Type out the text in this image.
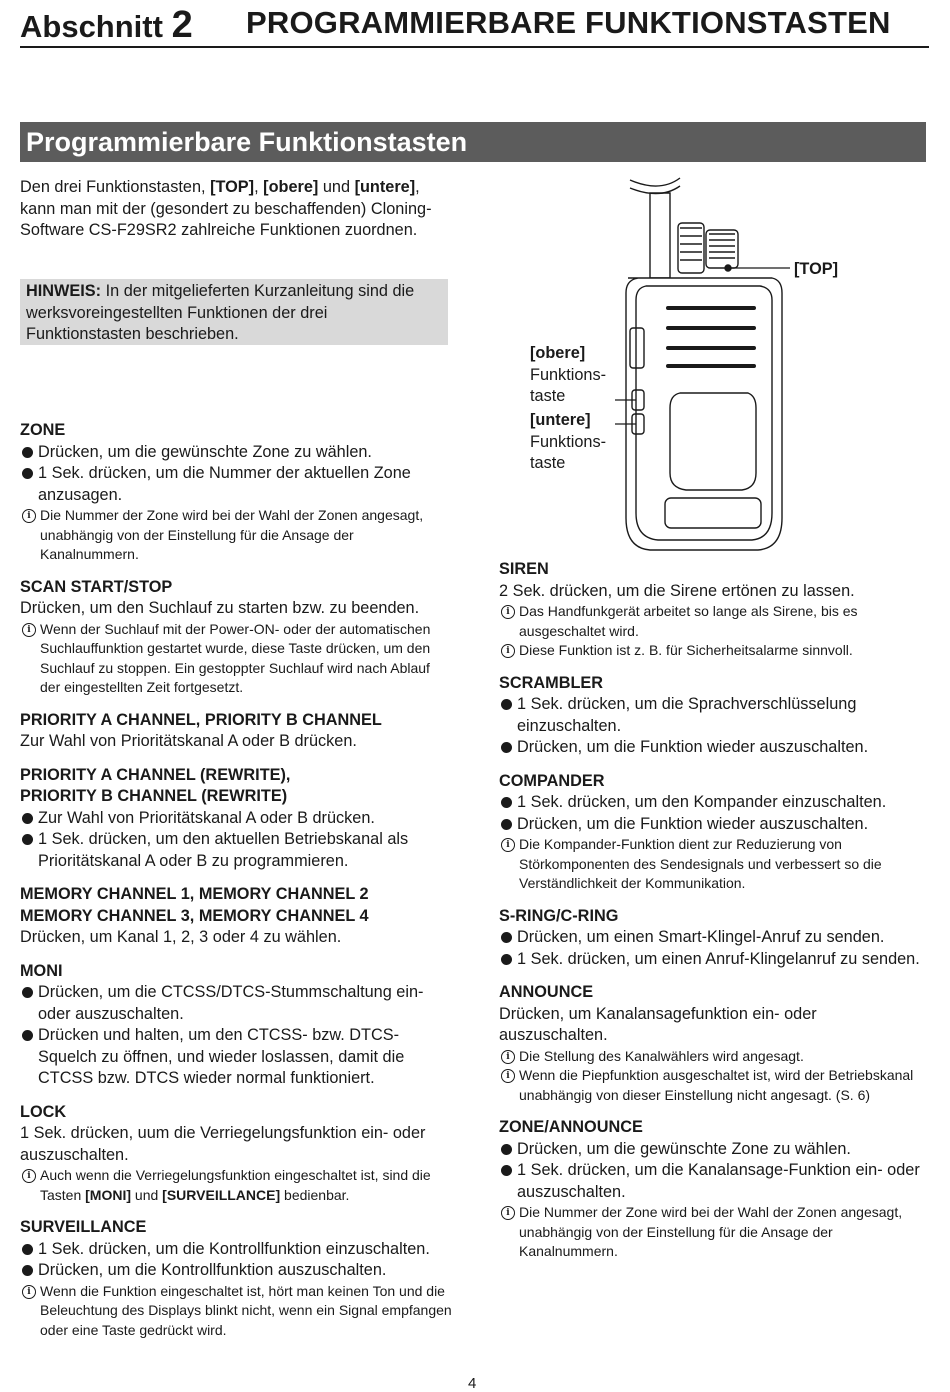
Abschnitt 2 PROGRAMMIERBARE FUNKTIONSTASTEN
Programmierbare Funktionstasten
Den drei Funktionstasten, [TOP], [obere] und [untere], kann man mit der (gesondert zu beschaffenden) Cloning-Software CS-F29SR2 zahlreiche Funktionen zuordnen.
HINWEIS: In der mitgelieferten Kurzanleitung sind die werksvoreingestellten Funktionen der drei Funktionstasten beschrieben.
[TOP]
[obere]
Funktions-
taste
[untere]
Funktions-
taste

ZONE

Drücken, um die gewünschte Zone zu wählen.

1 Sek. drücken, um die Nummer der aktuellen Zone anzusagen.

i Die Nummer der Zone wird bei der Wahl der Zonen angesagt, unabhängig von der Einstellung für die Ansage der Kanalnummern.

SCAN START/STOP

Drücken, um den Suchlauf zu starten bzw. zu beenden.

i Wenn der Suchlauf mit der Power-ON- oder der automatischen Suchlauffunktion gestartet wurde, diese Taste drücken, um den Suchlauf zu stoppen. Ein gestoppter Suchlauf wird nach Ablauf der eingestellten Zeit fortgesetzt.

PRIORITY A CHANNEL, PRIORITY B CHANNEL

Zur Wahl von Prioritätskanal A oder B drücken.

PRIORITY A CHANNEL (REWRITE),

PRIORITY B CHANNEL (REWRITE)

Zur Wahl von Prioritätskanal A oder B drücken.

1 Sek. drücken, um den aktuellen Betriebskanal als Prioritätskanal A oder B zu programmieren.

MEMORY CHANNEL 1, MEMORY CHANNEL 2

MEMORY CHANNEL 3, MEMORY CHANNEL 4

Drücken, um Kanal 1, 2, 3 oder 4 zu wählen.

MONI

Drücken, um die CTCSS/DTCS-Stummschaltung ein- oder auszuschalten.

Drücken und halten, um den CTCSS- bzw. DTCS-Squelch zu öffnen, und wieder loslassen, damit die CTCSS bzw. DTCS wieder normal funktioniert.

LOCK

1 Sek. drücken, uum die Verriegelungsfunktion ein- oder auszuschalten.

i Auch wenn die Verriegelungsfunktion eingeschaltet ist, sind die Tasten [MONI] und [SURVEILLANCE] bedienbar.

SURVEILLANCE

1 Sek. drücken, um die Kontrollfunktion einzuschalten.

Drücken, um die Kontrollfunktion auszuschalten.

i Wenn die Funktion eingeschaltet ist, hört man keinen Ton und die Beleuchtung des Displays blinkt nicht, wenn ein Signal empfangen oder eine Taste gedrückt wird.

SIREN

2 Sek. drücken, um die Sirene ertönen zu lassen.

i Das Handfunkgerät arbeitet so lange als Sirene, bis es ausgeschaltet wird.

i Diese Funktion ist z. B. für Sicherheitsalarme sinnvoll.

SCRAMBLER

1 Sek. drücken, um die Sprachverschlüsselung einzuschalten.

Drücken, um die Funktion wieder auszuschalten.

COMPANDER

1 Sek. drücken, um den Kompander einzuschalten.

Drücken, um die Funktion wieder auszuschalten.

i Die Kompander-Funktion dient zur Reduzierung von Störkomponenten des Sendesignals und verbessert so die Verständlichkeit der Kommunikation.

S-RING/C-RING

Drücken, um einen Smart-Klingel-Anruf zu senden.

1 Sek. drücken, um einen Anruf-Klingelanruf zu senden.

ANNOUNCE

Drücken, um Kanalansagefunktion ein- oder auszuschalten.

i Die Stellung des Kanalwählers wird angesagt.

i Wenn die Piepfunktion ausgeschaltet ist, wird der Betriebskanal unabhängig von dieser Einstellung nicht angesagt. (S. 6)

ZONE/ANNOUNCE

Drücken, um die gewünschte Zone zu wählen.

1 Sek. drücken, um die Kanalansage-Funktion ein- oder auszuschalten.

i Die Nummer der Zone wird bei der Wahl der Zonen angesagt, unabhängig von der Einstellung für die Ansage der Kanalnummern.

4
